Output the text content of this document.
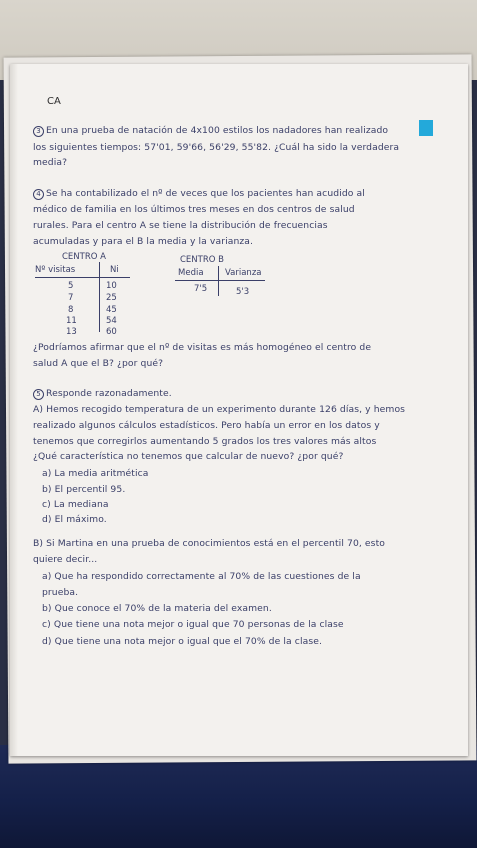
CA
3 En una prueba de natación de 4x100 estilos los nadadores han realizado
los siguientes tiempos: 57'01, 59'66, 56'29, 55'82. ¿Cuál ha sido la verdadera
media?
4 Se ha contabilizado el nº de veces que los pacientes han acudido al
médico de familia en los últimos tres meses en dos centros de salud
rurales. Para el centro A se tiene la distribución de frecuencias
acumuladas y para el B la media y la varianza.
CENTRO A
Nº visitas	Ni
5	10
7	25
8	45
11	54
13	60
CENTRO B
Media	Varianza
7'5	5'3
¿Podríamos afirmar que el nº de visitas es más homogéneo el centro de
salud A que el B? ¿por qué?
5 Responde razonadamente.
A) Hemos recogido temperatura de un experimento durante 126 días, y hemos
realizado algunos cálculos estadísticos. Pero había un error en los datos y
tenemos que corregirlos aumentando 5 grados los tres valores más altos
¿Qué característica no tenemos que calcular de nuevo? ¿por qué?
a) La media aritmética
b) El percentil 95.
c) La mediana
d) El máximo.
B) Si Martina en una prueba de conocimientos está en el percentil 70, esto
quiere decir...
a) Que ha respondido correctamente al 70% de las cuestiones de la
prueba.
b) Que conoce el 70% de la materia del examen.
c) Que tiene una nota mejor o igual que 70 personas de la clase
d) Que tiene una nota mejor o igual que el 70% de la clase.
